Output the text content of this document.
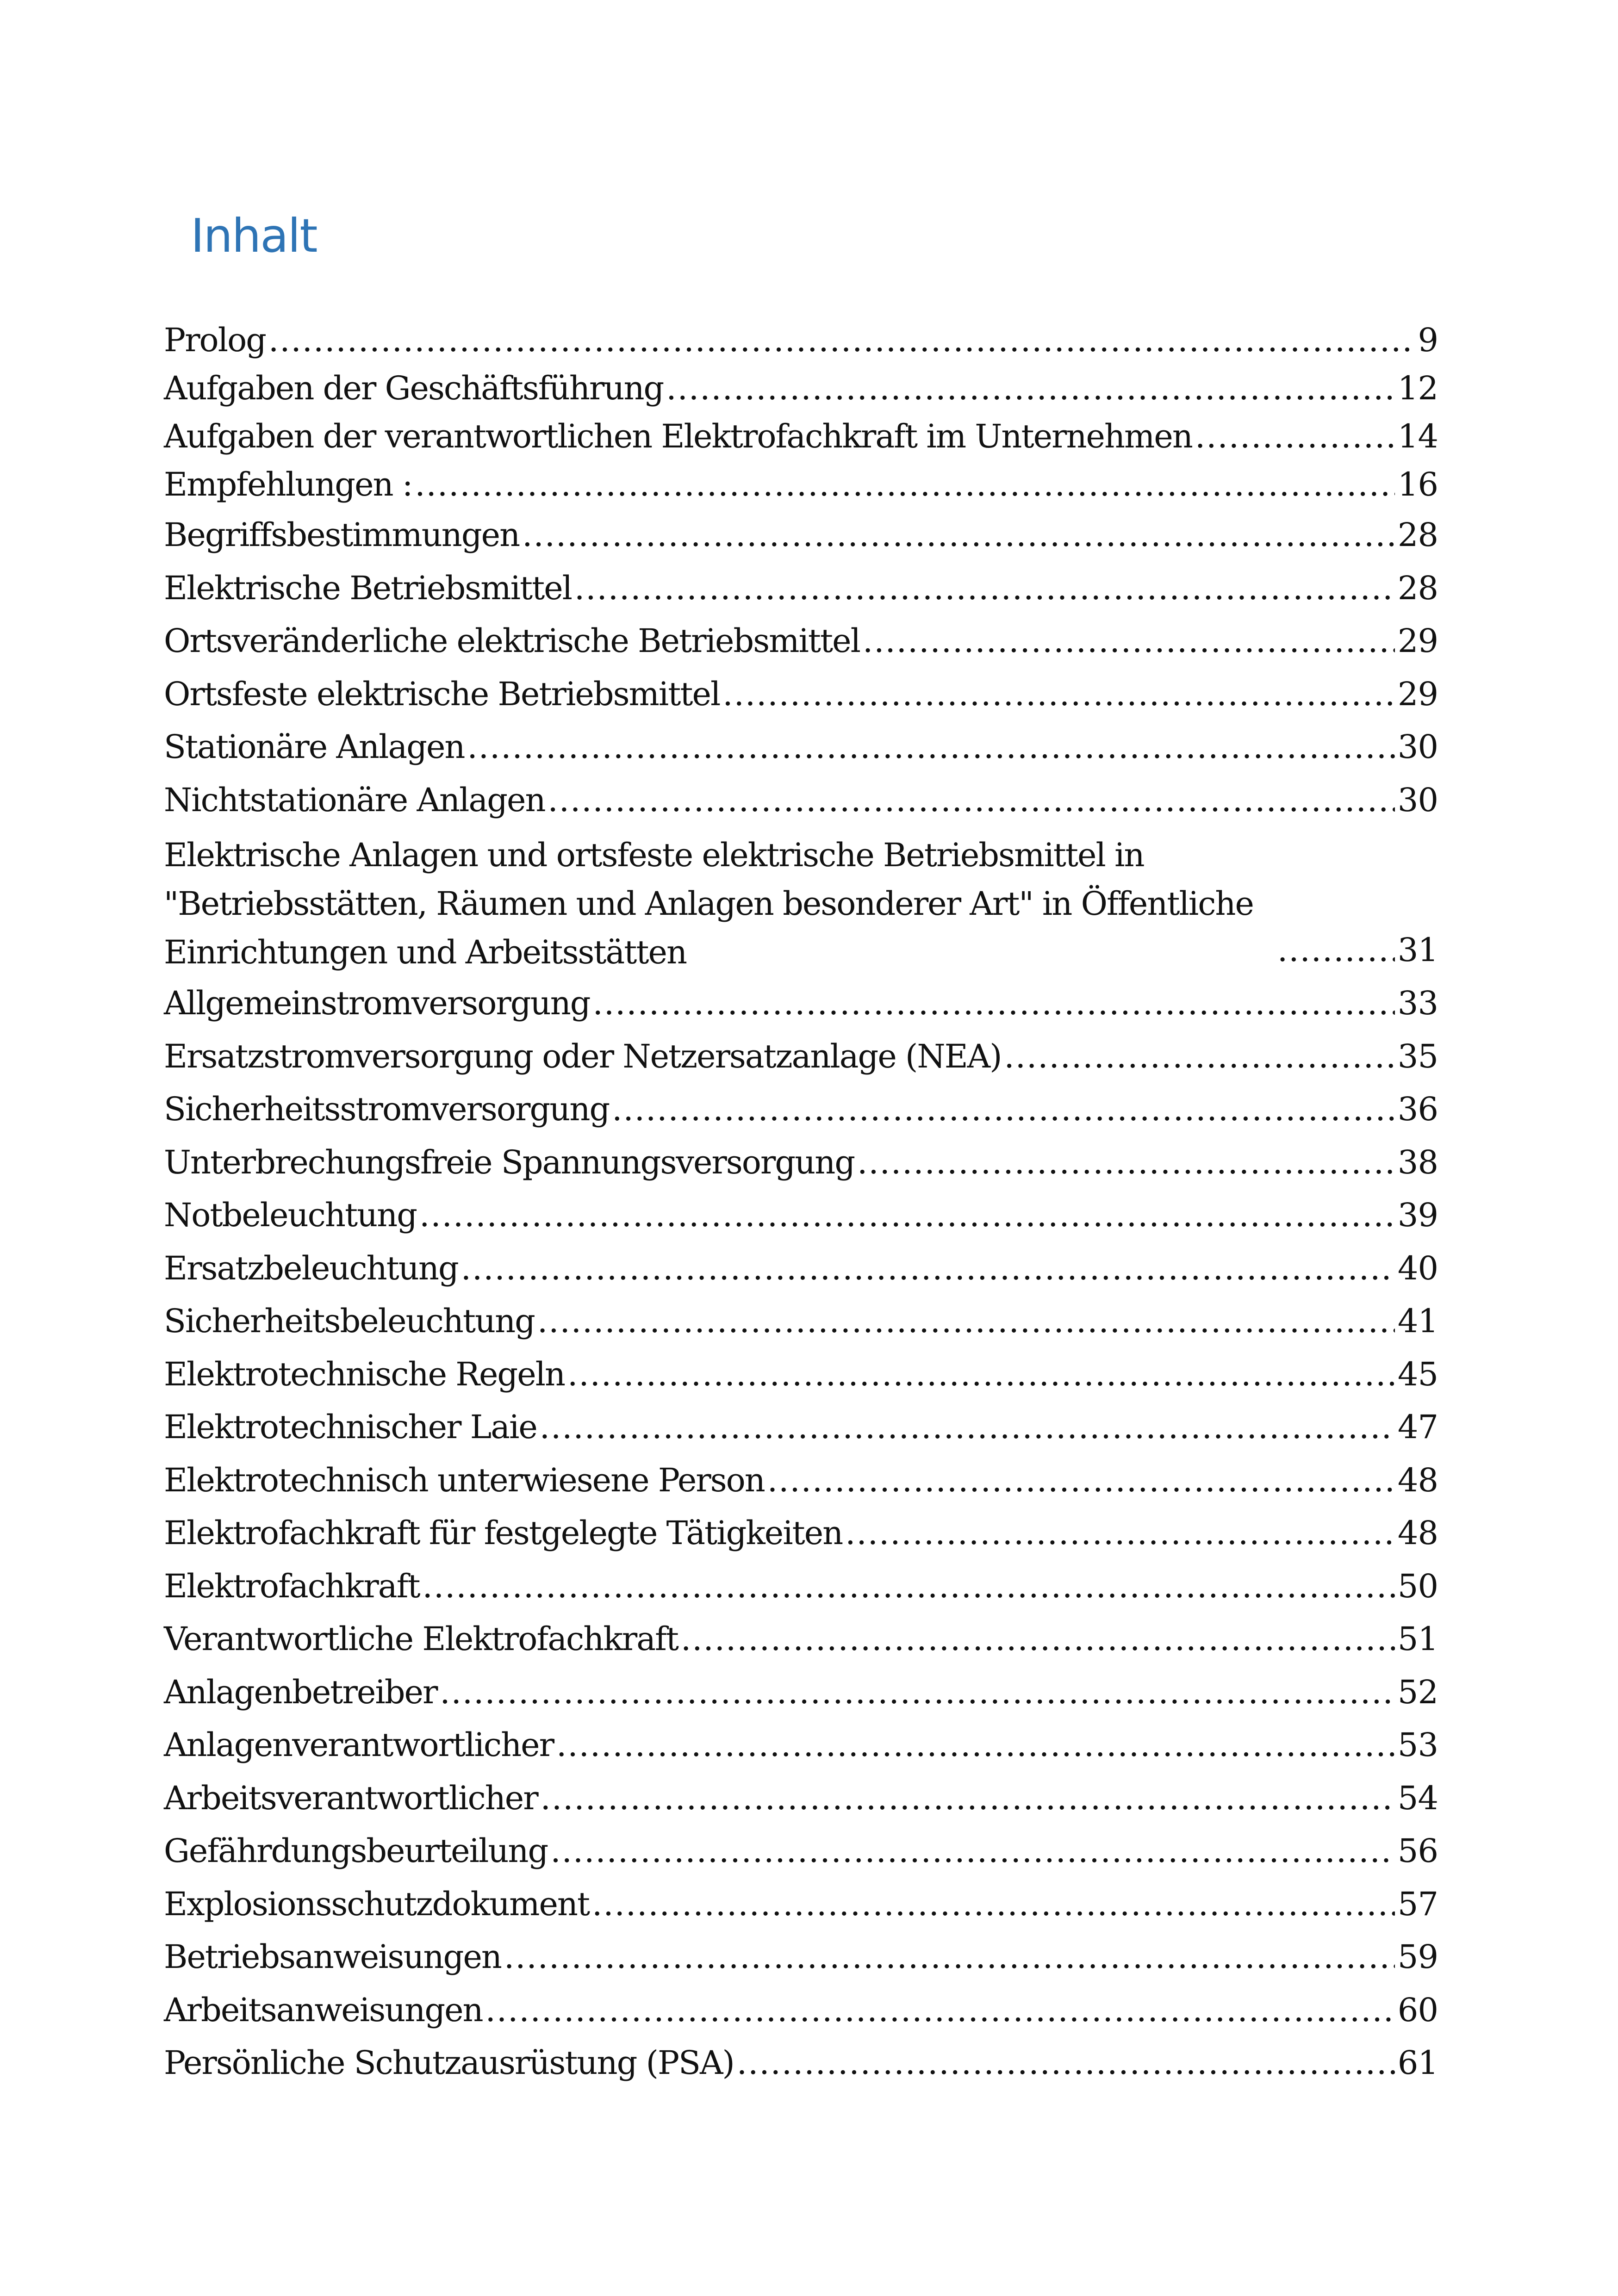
Inhalt
Prolog .....	9
Aufgaben der Geschäftsführung .....	12
Aufgaben der verantwortlichen Elektrofachkraft im Unternehmen .....	14
Empfehlungen : .....	16
Begriffsbestimmungen .....	28
Elektrische Betriebsmittel .....	28
Ortsveränderliche elektrische Betriebsmittel .....	29
Ortsfeste elektrische Betriebsmittel .....	29
Stationäre Anlagen .....	30
Nichtstationäre Anlagen .....	30
Elektrische Anlagen und ortsfeste elektrische Betriebsmittel in "Betriebsstätten, Räumen und Anlagen besonderer Art" in Öffentliche Einrichtungen und Arbeitsstätten .....	31
Allgemeinstromversorgung .....	33
Ersatzstromversorgung oder Netzersatzanlage (NEA) .....	35
Sicherheitsstromversorgung .....	36
Unterbrechungsfreie Spannungsversorgung .....	38
Notbeleuchtung .....	39
Ersatzbeleuchtung .....	40
Sicherheitsbeleuchtung .....	41
Elektrotechnische Regeln .....	45
Elektrotechnischer Laie .....	47
Elektrotechnisch unterwiesene Person .....	48
Elektrofachkraft für festgelegte Tätigkeiten .....	48
Elektrofachkraft .....	50
Verantwortliche Elektrofachkraft .....	51
Anlagenbetreiber .....	52
Anlagenverantwortlicher .....	53
Arbeitsverantwortlicher .....	54
Gefährdungsbeurteilung .....	56
Explosionsschutzdokument .....	57
Betriebsanweisungen .....	59
Arbeitsanweisungen .....	60
Persönliche Schutzausrüstung (PSA) .....	61
